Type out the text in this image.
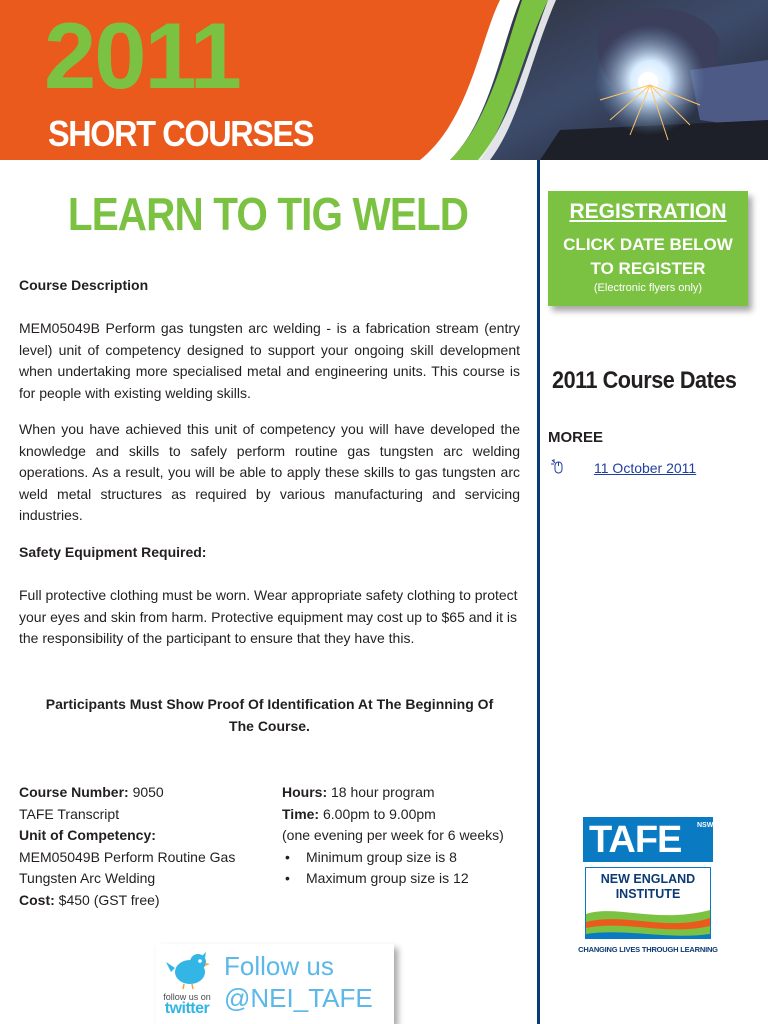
2011
SHORT COURSES
LEARN TO TIG WELD
Course Description

MEM05049B Perform gas tungsten arc welding - is a fabrication stream (entry level) unit of competency designed to support your ongoing skill development when undertaking more specialised metal and engineering units. This course is for people with existing welding skills.

When you have achieved this unit of competency you will have developed the knowledge and skills to safely perform routine gas tungsten arc welding operations. As a result, you will be able to apply these skills to gas tungsten arc weld metal structures as required by various manufacturing and servicing industries.

Safety Equipment Required:

Full protective clothing must be worn. Wear appropriate safety clothing to protect your eyes and skin from harm. Protective equipment may cost up to $65 and it is the responsibility of the participant to ensure that they have this.

Participants Must Show Proof Of Identification At The Beginning Of
The Course.
Course Number: 9050
TAFE Transcript
Unit of Competency:
MEM05049B Perform Routine Gas
Tungsten Arc Welding
Cost: $450 (GST free)
Hours: 18 hour program
Time: 6.00pm to 9.00pm
(one evening per week for 6 weeks)
• Minimum group size is 8
• Maximum group size is 12
follow us on
twitter
Follow us
@NEI_TAFE
REGISTRATION
CLICK DATE BELOW
TO REGISTER
(Electronic flyers only)
2011 Course Dates
MOREE
11 October 2011
TAFE NSW
NEW ENGLAND
INSTITUTE
CHANGING LIVES THROUGH LEARNING
